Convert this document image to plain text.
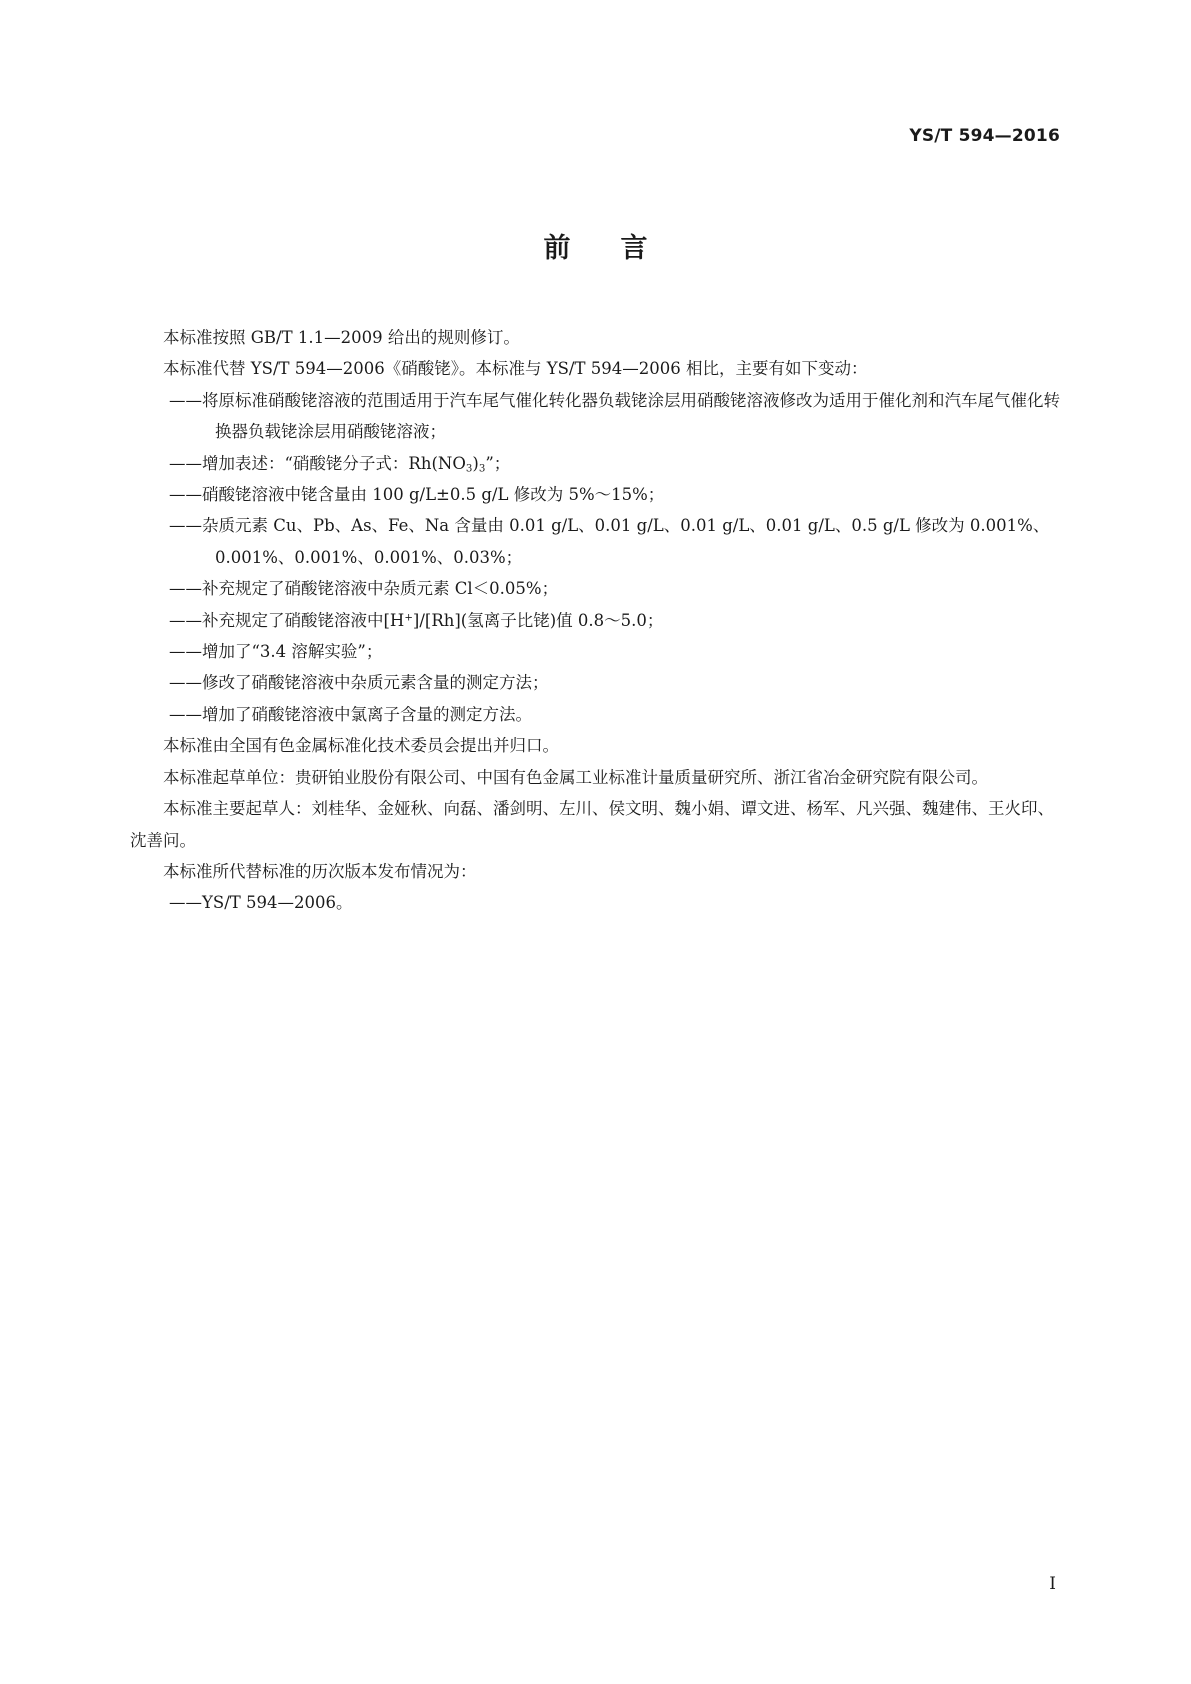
YS/T 594—2016
前言

本标准按照 GB/T 1.1—2009 给出的规则修订。

本标准代替 YS/T 594—2006《硝酸铑》。本标准与 YS/T 594—2006 相比，主要有如下变动：

——将原标准硝酸铑溶液的范围适用于汽车尾气催化转化器负载铑涂层用硝酸铑溶液修改为适用于催化剂和汽车尾气催化转换器负载铑涂层用硝酸铑溶液；

——增加表述：“硝酸铑分子式：$Rh(NO_3)_3$”；

——硝酸铑溶液中铑含量由 100 g/L±0.5 g/L 修改为 5%～15%；

——杂质元素 Cu、Pb、As、Fe、Na 含量由 0.01 g/L、0.01 g/L、0.01 g/L、0.01 g/L、0.5 g/L 修改为 0.001%、0.001%、0.001%、0.001%、0.03%；

——补充规定了硝酸铑溶液中杂质元素 Cl＜0.05%；

——补充规定了硝酸铑溶液中[H+]/[Rh](氢离子比铑)值 0.8～5.0；

——增加了“3.4 溶解实验”；

——修改了硝酸铑溶液中杂质元素含量的测定方法；

——增加了硝酸铑溶液中氯离子含量的测定方法。

本标准由全国有色金属标准化技术委员会提出并归口。

本标准起草单位：贵研铂业股份有限公司、中国有色金属工业标准计量质量研究所、浙江省冶金研究院有限公司。

本标准主要起草人：刘桂华、金娅秋、向磊、潘剑明、左川、侯文明、魏小娟、谭文进、杨军、凡兴强、魏建伟、王火印、沈善问。

本标准所代替标准的历次版本发布情况为：

——YS/T 594—2006。

I
